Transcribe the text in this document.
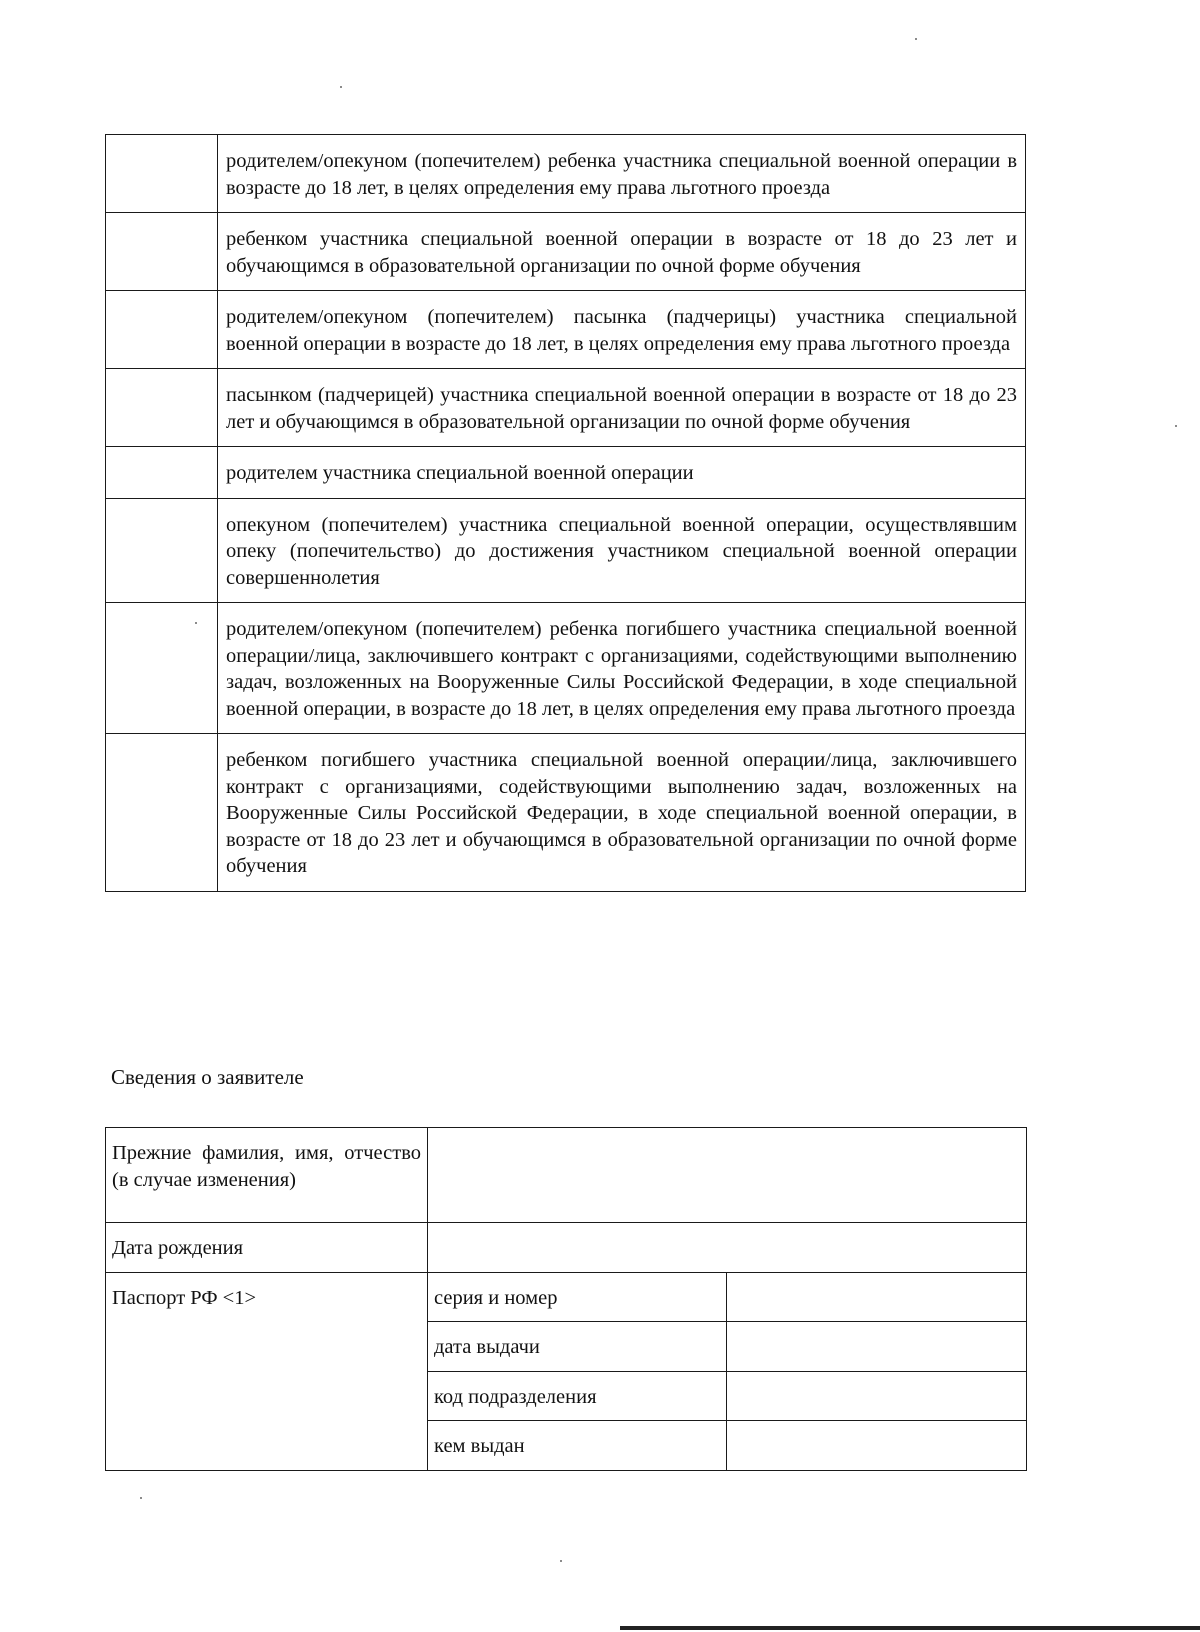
	родителем/опекуном (попечителем) ребенка участника специальной военной операции в возрасте до 18 лет, в целях определения ему права льготного проезда
	ребенком участника специальной военной операции в возрасте от 18 до 23 лет и обучающимся в образовательной организации по очной форме обучения
	родителем/опекуном (попечителем) пасынка (падчерицы) участника специальной военной операции в возрасте до 18 лет, в целях определения ему права льготного проезда
	пасынком (падчерицей) участника специальной военной операции в возрасте от 18 до 23 лет и обучающимся в образовательной организации по очной форме обучения
	родителем участника специальной военной операции
	опекуном (попечителем) участника специальной военной операции, осуществлявшим опеку (попечительство) до достижения участником специальной военной операции совершеннолетия
	родителем/опекуном (попечителем) ребенка погибшего участника специальной военной операции/лица, заключившего контракт с организациями, содействующими выполнению задач, возложенных на Вооруженные Силы Российской Федерации, в ходе специальной военной операции, в возрасте до 18 лет, в целях определения ему права льготного проезда
	ребенком погибшего участника специальной военной операции/лица, заключившего контракт с организациями, содействующими выполнению задач, возложенных на Вооруженные Силы Российской Федерации, в ходе специальной военной операции, в возрасте от 18 до 23 лет и обучающимся в образовательной организации по очной форме обучения
Сведения о заявителе
Прежние фамилия, имя, отчество (в случае изменения)		
Дата рождения		
Паспорт РФ <1>	серия и номер	
	дата выдачи	
	код подразделения	
	кем выдан	
